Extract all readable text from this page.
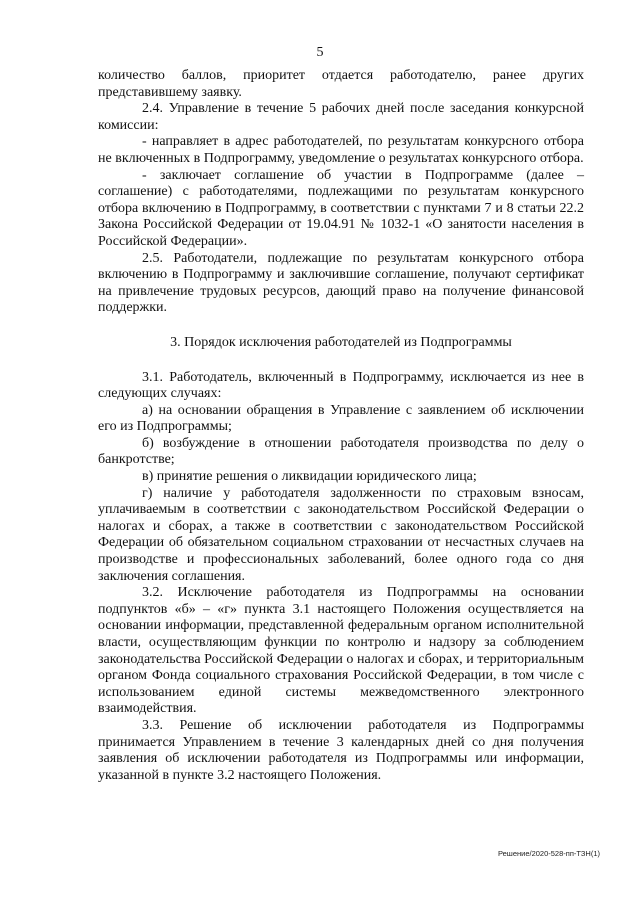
5

количество баллов, приоритет отдается работодателю, ранее других представившему заявку.

2.4. Управление в течение 5 рабочих дней после заседания конкурсной комиссии:

- направляет в адрес работодателей, по результатам конкурсного отбора не включенных в Подпрограмму, уведомление о результатах конкурсного отбора.

- заключает соглашение об участии в Подпрограмме (далее – соглашение) с работодателями, подлежащими по результатам конкурсного отбора включению в Подпрограмму, в соответствии с пунктами 7 и 8 статьи 22.2 Закона Российской Федерации от 19.04.91 № 1032-1 «О занятости населения в Российской Федерации».

2.5. Работодатели, подлежащие по результатам конкурсного отбора включению в Подпрограмму и заключившие соглашение, получают сертификат на привлечение трудовых ресурсов, дающий право на получение финансовой поддержки.

3. Порядок исключения работодателей из Подпрограммы

3.1. Работодатель, включенный в Подпрограмму, исключается из нее в следующих случаях:

а) на основании обращения в Управление с заявлением об исключении его из Подпрограммы;

б) возбуждение в отношении работодателя производства по делу о банкротстве;

в) принятие решения о ликвидации юридического лица;

г) наличие у работодателя задолженности по страховым взносам, уплачиваемым в соответствии с законодательством Российской Федерации о налогах и сборах, а также в соответствии с законодательством Российской Федерации об обязательном социальном страховании от несчастных случаев на производстве и профессиональных заболеваний, более одного года со дня заключения соглашения.

3.2. Исключение работодателя из Подпрограммы на основании подпунктов «б» – «г» пункта 3.1 настоящего Положения осуществляется на основании информации, представленной федеральным органом исполнительной власти, осуществляющим функции по контролю и надзору за соблюдением законодательства Российской Федерации о налогах и сборах, и территориальным органом Фонда социального страхования Российской Федерации, в том числе с использованием единой системы межведомственного электронного взаимодействия.

3.3. Решение об исключении работодателя из Подпрограммы принимается Управлением в течение 3 календарных дней со дня получения заявления об исключении работодателя из Подпрограммы или информации, указанной в пункте 3.2 настоящего Положения.

Решение/2020-528-пп-ТЗН(1)
